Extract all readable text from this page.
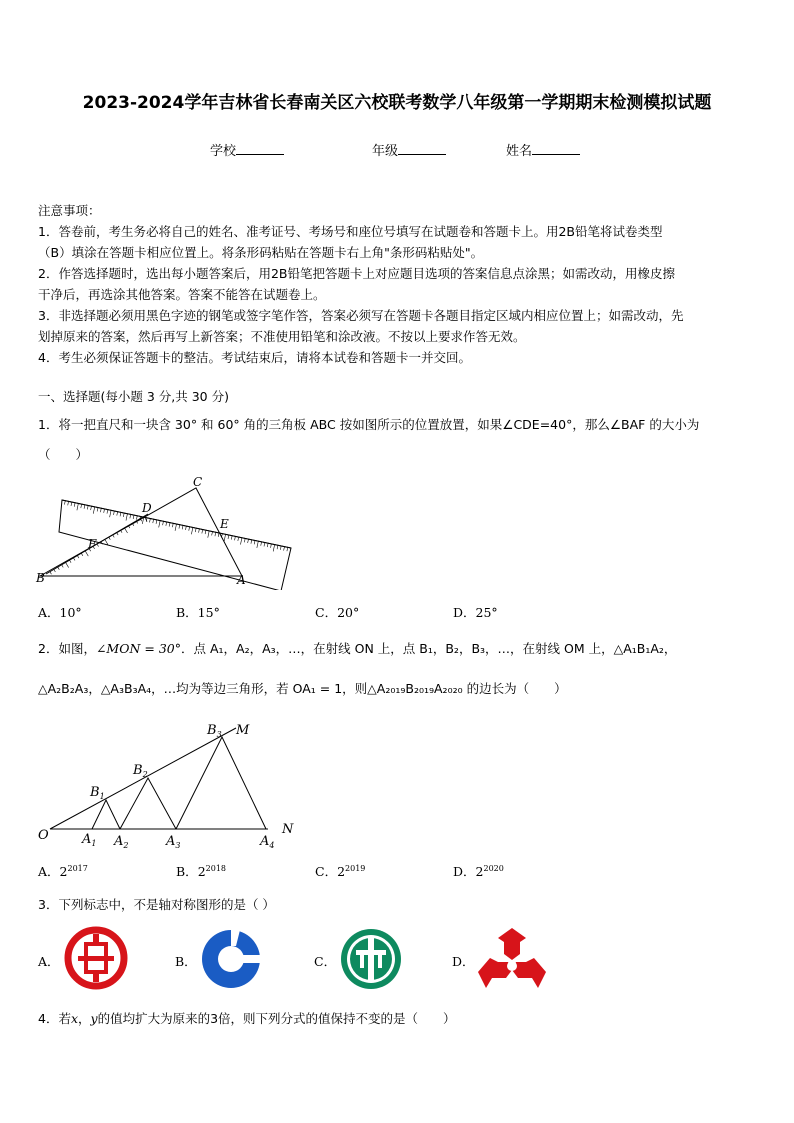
2023-2024学年吉林省长春南关区六校联考数学八年级第一学期期末检测模拟试题
学校	年级	姓名
注意事项：
1．答卷前，考生务必将自己的姓名、准考证号、考场号和座位号填写在试题卷和答题卡上。用2B铅笔将试卷类型
（B）填涂在答题卡相应位置上。将条形码粘贴在答题卡右上角"条形码粘贴处"。
2．作答选择题时，选出每小题答案后，用2B铅笔把答题卡上对应题目选项的答案信息点涂黑；如需改动，用橡皮擦
干净后，再选涂其他答案。答案不能答在试题卷上。
3．非选择题必须用黑色字迹的钢笔或签字笔作答，答案必须写在答题卡各题目指定区域内相应位置上；如需改动，先
划掉原来的答案，然后再写上新答案；不准使用铅笔和涂改液。不按以上要求作答无效。
4．考生必须保证答题卡的整洁。考试结束后，请将本试卷和答题卡一并交回。
一、选择题(每小题 3 分,共 30 分)
1．将一把直尺和一块含 30° 和 60° 角的三角板 ABC 按如图所示的位置放置，如果∠CDE=40°，那么∠BAF 的大小为
（　　）
C
D
E
F
B	A
A．10°	B．15°	C．20°	D．25°
2．如图，∠MON = 30°．点 A₁，A₂，A₃，…，在射线 ON 上，点 B₁，B₂，B₃，…，在射线 OM 上，△A₁B₁A₂，
△A₂B₂A₃，△A₃B₃A₄，…均为等边三角形，若 OA₁ = 1，则△A₂₀₁₉B₂₀₁₉A₂₀₂₀ 的边长为（　　）
O
M
N
$A_1$ $A_2$	$A_3$	$A_4$
$B_1$
$B_2$
$B_3$
A．$2^{2017}$	B．$2^{2018}$	C．$2^{2019}$	D．$2^{2020}$
3．下列标志中，不是轴对称图形的是（ ）
A．	B．	C．	D．
4．若x，y的值均扩大为原来的3倍，则下列分式的值保持不变的是（　　）
